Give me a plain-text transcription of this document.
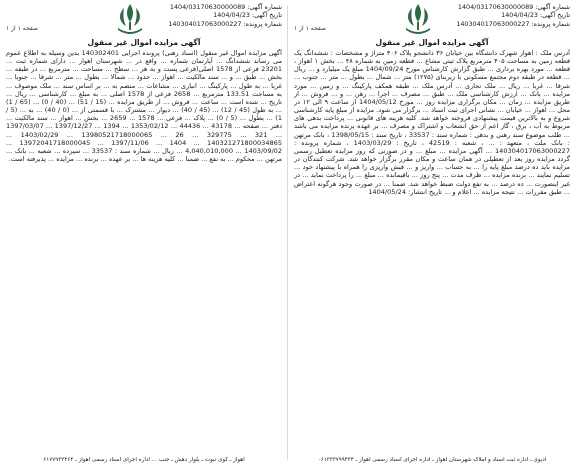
شماره آگهی: 1404/03170630000089
تاریخ آگهی: 1404/04/23
شماره پرونده: 140304017063000227
صفحه ۱ از ۱
آگهی مزایده اموال غیر منقول
آدرس ملک : اهواز شهرک دانشگاه بین خیابان ۳۶ دانشجو پلاک ۴۰۶ متراژ و مشخصات : ششدانگ یک قطعه زمین به مساحت ۴۰۵ مترمربع پلاک ثبتی مشاع ... قطعه زمین به شماره ۴۸ ... بخش ۱ اهواز ، قطعه ... مورد بهره برداری ... طبق گزارش کارشناس مورخ 1404/09/24 مبلغ یک میلیارد و ... ریال ... قطعه در طبقه دوم مجتمع مسکونی با زیربنای (۱۲۷۵) متر ... شمال ... بطول ... متر ... جنوب ... شرقا ... غربا ... ریال ... ملک تجاری ... آدرس ملک ... طبقه همکف پارکینگ ... و زمین ... مورد مزایده ... بانک ... ارزش کارشناسی ملک ... طبق ... مصرف ... اجرا ... رهن ... و ... فروش ... از طریق مزایده ... زمان ... مکان برگزاری مزایده روز ... مورخ 1404/05/12 از ساعت ۹ الی ۱۲ در محل ... اهواز ... خیابان ... نشانی اجرای ثبت اسناد ... برگزار می شود. مزایده از مبلغ پایه کارشناسی شروع و به بالاترین قیمت پیشنهادی فروخته خواهد شد. کلیه هزینه های قانونی ... پرداخت بدهی های مربوط به آب ، برق ، گاز اعم از حق انشعاب و اشتراک و مصرف ... بر عهده برنده مزایده می باشد ... طلب موضوع سند رهنی و بدهی : شماره سند : 33537 ، تاریخ سند : 1398/05/15 ، بانک مرتهن : بانک ملت ، متعهد : ... ، شعبه : 42519 ، تاریخ : 1403/03/29 ، شماره پرونده : 140304017063000227 ... آگهی مزایده ... مبلغ ... و در صورتی که روز مزایده تعطیل رسمی گردد مزایده روز بعد از تعطیلی در همان ساعت و مکان مقرر برگزار خواهد شد. شرکت کنندگان در مزایده باید ده درصد مبلغ پایه را ... به حساب ... واریز و ... فیش واریزی را همراه با پیشنهاد خود ... تسلیم نمایند ... برنده مزایده ... ظرف مدت ... پنج روز ... باقیمانده ... مبلغ ... را پرداخت نماید ... در غیر اینصورت ... ده درصد ... به نفع دولت ضبط خواهد شد. ضمنا ... در صورت وجود هرگونه اعتراض ... طبق مقررات ... نتیجه مزایده ... اعلام و ... تاریخ انتشار: 1404/05/24
ادیوی ـ اداره ثبت اسناد و املاک شهرستان اهواز ـ اداره اجرای اسناد رسمی اهواز ـ ۰۶۱۳۳۳۷۹۹۴۳۴
شماره آگهی: 1404/03170630000089
تاریخ آگهی: 1404/04/23
شماره پرونده: 140304017063000227
صفحه ۱ از ۱
آگهی مزایده اموال غیر منقول
آگهی مزایده اموال غیر منقول (اسناد رهنی) پرونده اجرایی 140302401 بدین وسیله به اطلاع عموم می رساند ششدانگ ... آپارتمان شماره ... واقع در ... شهرستان اهواز ... دارای شماره ثبت ... 23201 فرعی از 1578 اصلی(فرعی پست و به هر ... سطح ... مساحت ... مترمربع ... در طبقه ... بخش ... طبق ... و ... سند مالکیت ... اهواز ... حدود ... شمالا ... بطول ... متر ... شرقا ... جنوبا ... غربا ... به طول ... پارکینگ ... انباری ... مشاعات ... منضم به ... بر اساس سند ... ملک موصوف ... به مساحت 133.51 مترمربع ... 2658 فرعی از 1578 اصلی ... به مبلغ ... کارشناسی ... ریال ... تاریخ ... شده است ... ساعت ... فروش ... از طریق مزایده ... (15 / 51) ... (40 / 0) ... (65 / 1) ... به طول (45 / 12) ... (45 / 40) ... دیوار ... مشترک ... با قسمتی از ... (0 / 40) ... به ... (5 / 1) ... بطول ... (5 / 0) ... پلاک ... فرعی ... 1578 ... 2659 ... بخش ... اهواز ... سند مالکیت ... دفتر ... صفحه ... 43178 ... 44436 ... 1353/02/12 ... 1394 ... 1397/12/27 ... 1397/03/07 ... 321 ... 329775 ... 26 ... 13980521718000065 ... 1403/02/29 ... 140321271800034865 ... 1404 ... 1397/11/06 ... 13972041718000045 ... 1403/09/02 ... 4,040,010,000 ... ریال ... شماره سند : 33537 ... سپرده ... شعبه ... بانک ... مرتهن ... محکوم ... به نفع ... ضمنا ... کلیه هزینه ها ... بر عهده ... برنده ... مزایده ... پذیرفته است.
اهواز ـ کوی نبوت ـ بلوار دهش ـ جنب ... اداره اجرای اسناد رسمی اهواز ـ ۶۱۷۷۹۳۳۴۶۴
